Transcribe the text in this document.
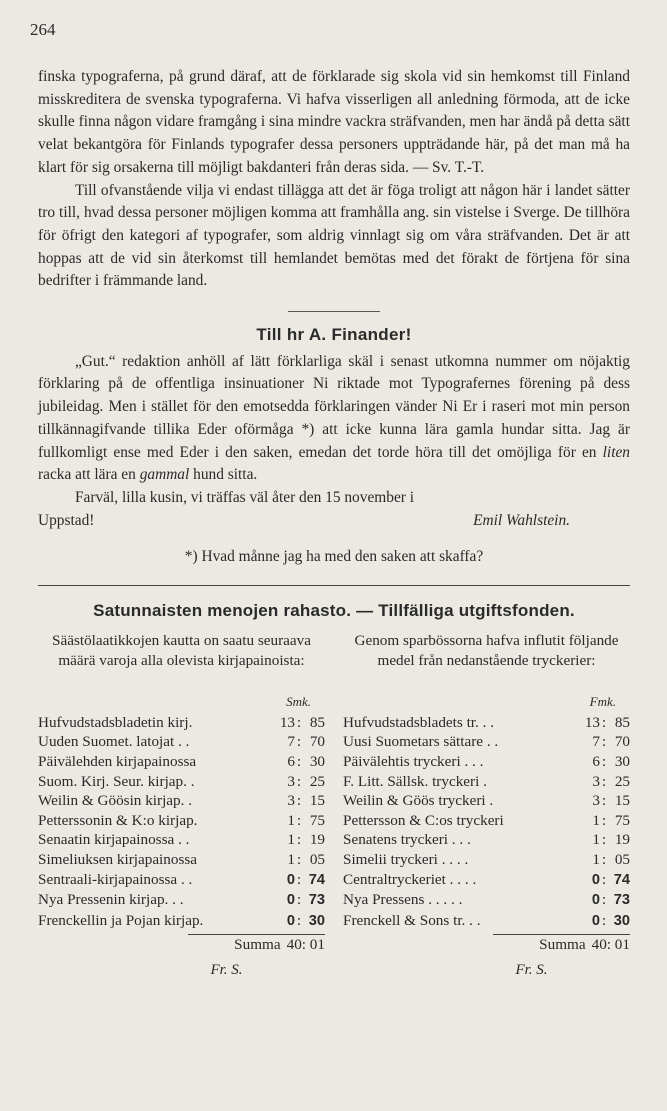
264

finska typograferna, på grund däraf, att de förklarade sig skola vid sin hemkomst till Finland misskreditera de svenska typograferna. Vi hafva visserligen all anledning förmoda, att de icke skulle finna någon vidare framgång i sina mindre vackra sträfvanden, men har ändå på detta sätt velat bekantgöra för Finlands typografer dessa personers uppträdande här, på det man må ha klart för sig orsakerna till möjligt bakdanteri från deras sida. — Sv. T.-T.

Till ofvanstående vilja vi endast tillägga att det är föga troligt att någon här i landet sätter tro till, hvad dessa personer möjligen komma att framhålla ang. sin vistelse i Sverge. De tillhöra för öfrigt den kategori af typografer, som aldrig vinnlagt sig om våra sträfvanden. Det är att hoppas att de vid sin återkomst till hemlandet bemötas med det förakt de förtjena för sina bedrifter i främmande land.

Till hr A. Finander!

„Gut.“ redaktion anhöll af lätt förklarliga skäl i senast utkomna nummer om nöjaktig förklaring på de offentliga insinuationer Ni riktade mot Typografernes förening på dess jubileidag. Men i stället för den emotsedda förklaringen vänder Ni Er i raseri mot min person tillkännagifvande tillika Eder oförmåga *) att icke kunna lära gamla hundar sitta. Jag är fullkomligt ense med Eder i den saken, emedan det torde höra till det omöjliga för en liten racka att lära en gammal hund sitta.

Farväl, lilla kusin, vi träffas väl åter den 15 november i

Uppstad!	Emil Wahlstein.
*) Hvad månne jag ha med den saken att skaffa?
Satunnaisten menojen rahasto. — Tillfälliga utgiftsfonden.
Säästölaatikkojen kautta on saatu seuraava määrä varoja alla olevista kirjapainoista:
Smk.
Hufvudstadsbladetin kirj.	13 : 85
Uuden Suomet. latojat . .	7 : 70
Päivälehden kirjapainossa	6 : 30
Suom. Kirj. Seur. kirjap. .	3 : 25
Weilin & Göösin kirjap. .	3 : 15
Petterssonin & K:o kirjap.	1 : 75
Senaatin kirjapainossa . .	1 : 19
Simeliuksen kirjapainossa	1 : 05
Sentraali-kirjapainossa . .	0 : 74
Nya Pressenin kirjap. . .	0 : 73
Frenckellin ja Pojan kirjap.	0 : 30
Summa 40: 01
Fr. S.
Genom sparbössorna hafva influtit följande medel från nedanstående tryckerier:
Fmk.
Hufvudstadsbladets tr. . .	13 : 85
Uusi Suometars sättare . .	7 : 70
Päivälehtis tryckeri . . .	6 : 30
F. Litt. Sällsk. tryckeri .	3 : 25
Weilin & Göös tryckeri .	3 : 15
Pettersson & C:os tryckeri	1 : 75
Senatens tryckeri . . .	1 : 19
Simelii tryckeri . . . .	1 : 05
Centraltryckeriet . . . .	0 : 74
Nya Pressens . . . . .	0 : 73
Frenckell & Sons tr. . .	0 : 30
Summa 40: 01
Fr. S.
